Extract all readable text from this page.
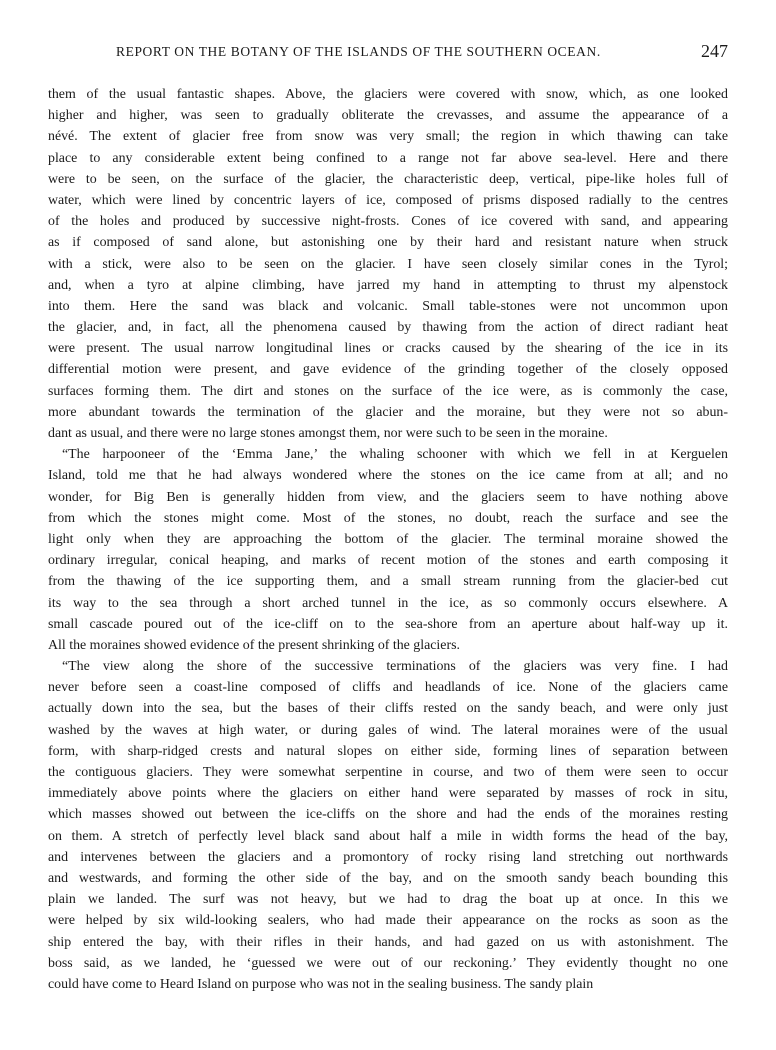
REPORT ON THE BOTANY OF THE ISLANDS OF THE SOUTHERN OCEAN.	247
them of the usual fantastic shapes. Above, the glaciers were covered with snow, which, as one looked
higher and higher, was seen to gradually obliterate the crevasses, and assume the appearance of a
névé. The extent of glacier free from snow was very small; the region in which thawing can take
place to any considerable extent being confined to a range not far above sea-level. Here and there
were to be seen, on the surface of the glacier, the characteristic deep, vertical, pipe-like holes full of
water, which were lined by concentric layers of ice, composed of prisms disposed radially to the centres
of the holes and produced by successive night-frosts. Cones of ice covered with sand, and appearing
as if composed of sand alone, but astonishing one by their hard and resistant nature when struck
with a stick, were also to be seen on the glacier. I have seen closely similar cones in the Tyrol;
and, when a tyro at alpine climbing, have jarred my hand in attempting to thrust my alpenstock
into them. Here the sand was black and volcanic. Small table-stones were not uncommon upon
the glacier, and, in fact, all the phenomena caused by thawing from the action of direct radiant heat
were present. The usual narrow longitudinal lines or cracks caused by the shearing of the ice in its
differential motion were present, and gave evidence of the grinding together of the closely opposed
surfaces forming them. The dirt and stones on the surface of the ice were, as is commonly the case,
more abundant towards the termination of the glacier and the moraine, but they were not so abun-
dant as usual, and there were no large stones amongst them, nor were such to be seen in the moraine.
“The harpooneer of the ‘Emma Jane,’ the whaling schooner with which we fell in at Kerguelen
Island, told me that he had always wondered where the stones on the ice came from at all; and no
wonder, for Big Ben is generally hidden from view, and the glaciers seem to have nothing above
from which the stones might come. Most of the stones, no doubt, reach the surface and see the
light only when they are approaching the bottom of the glacier. The terminal moraine showed the
ordinary irregular, conical heaping, and marks of recent motion of the stones and earth composing it
from the thawing of the ice supporting them, and a small stream running from the glacier-bed cut
its way to the sea through a short arched tunnel in the ice, as so commonly occurs elsewhere. A
small cascade poured out of the ice-cliff on to the sea-shore from an aperture about half-way up it.
All the moraines showed evidence of the present shrinking of the glaciers.
“The view along the shore of the successive terminations of the glaciers was very fine. I had
never before seen a coast-line composed of cliffs and headlands of ice. None of the glaciers came
actually down into the sea, but the bases of their cliffs rested on the sandy beach, and were only just
washed by the waves at high water, or during gales of wind. The lateral moraines were of the usual
form, with sharp-ridged crests and natural slopes on either side, forming lines of separation between
the contiguous glaciers. They were somewhat serpentine in course, and two of them were seen to occur
immediately above points where the glaciers on either hand were separated by masses of rock in situ,
which masses showed out between the ice-cliffs on the shore and had the ends of the moraines resting
on them. A stretch of perfectly level black sand about half a mile in width forms the head of the bay,
and intervenes between the glaciers and a promontory of rocky rising land stretching out northwards
and westwards, and forming the other side of the bay, and on the smooth sandy beach bounding this
plain we landed. The surf was not heavy, but we had to drag the boat up at once. In this we
were helped by six wild-looking sealers, who had made their appearance on the rocks as soon as the
ship entered the bay, with their rifles in their hands, and had gazed on us with astonishment. The
boss said, as we landed, he ‘guessed we were out of our reckoning.’ They evidently thought no one
could have come to Heard Island on purpose who was not in the sealing business. The sandy plain
